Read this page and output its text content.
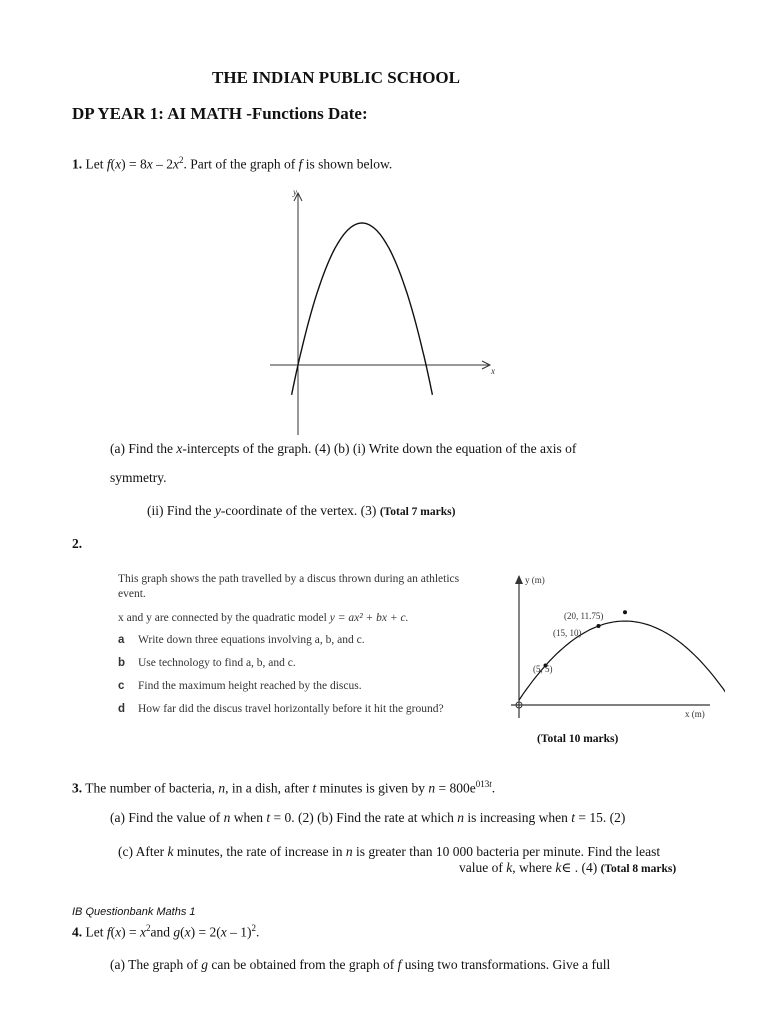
THE INDIAN PUBLIC SCHOOL
DP YEAR 1: AI MATH -Functions Date:
1. Let $f(x) = 8x - 2x^2$. Part of the graph of f is shown below.
y
x
(a) Find the x-intercepts of the graph. (4) (b) (i) Write down the equation of the axis of
symmetry.
(ii) Find the y-coordinate of the vertex. (3) (Total 7 marks)
2.
This graph shows the path travelled by a discus thrown during an athletics
event.
x and y are connected by the quadratic model y = ax² + bx + c.
a Write down three equations involving a, b, and c.
b Use technology to find a, b, and c.
c Find the maximum height reached by the discus.
d How far did the discus travel horizontally before it hit the ground?
y (m)
x (m)
(20, 11.75)
(15, 10)
(5, 5)
(Total 10 marks)
3. The number of bacteria, n, in a dish, after t minutes is given by $n = 800e^{013t}$.
(a) Find the value of n when t = 0. (2) (b) Find the rate at which n is increasing when t = 15. (2)
(c) After k minutes, the rate of increase in n is greater than 10 000 bacteria per minute. Find the least
value of k, where k∈ . (4) (Total 8 marks)
IB Questionbank Maths 1
4. Let $f(x) = x^2and$ g(x) = 2(x – 1)$^2$.
(a) The graph of g can be obtained from the graph of f using two transformations. Give a full
